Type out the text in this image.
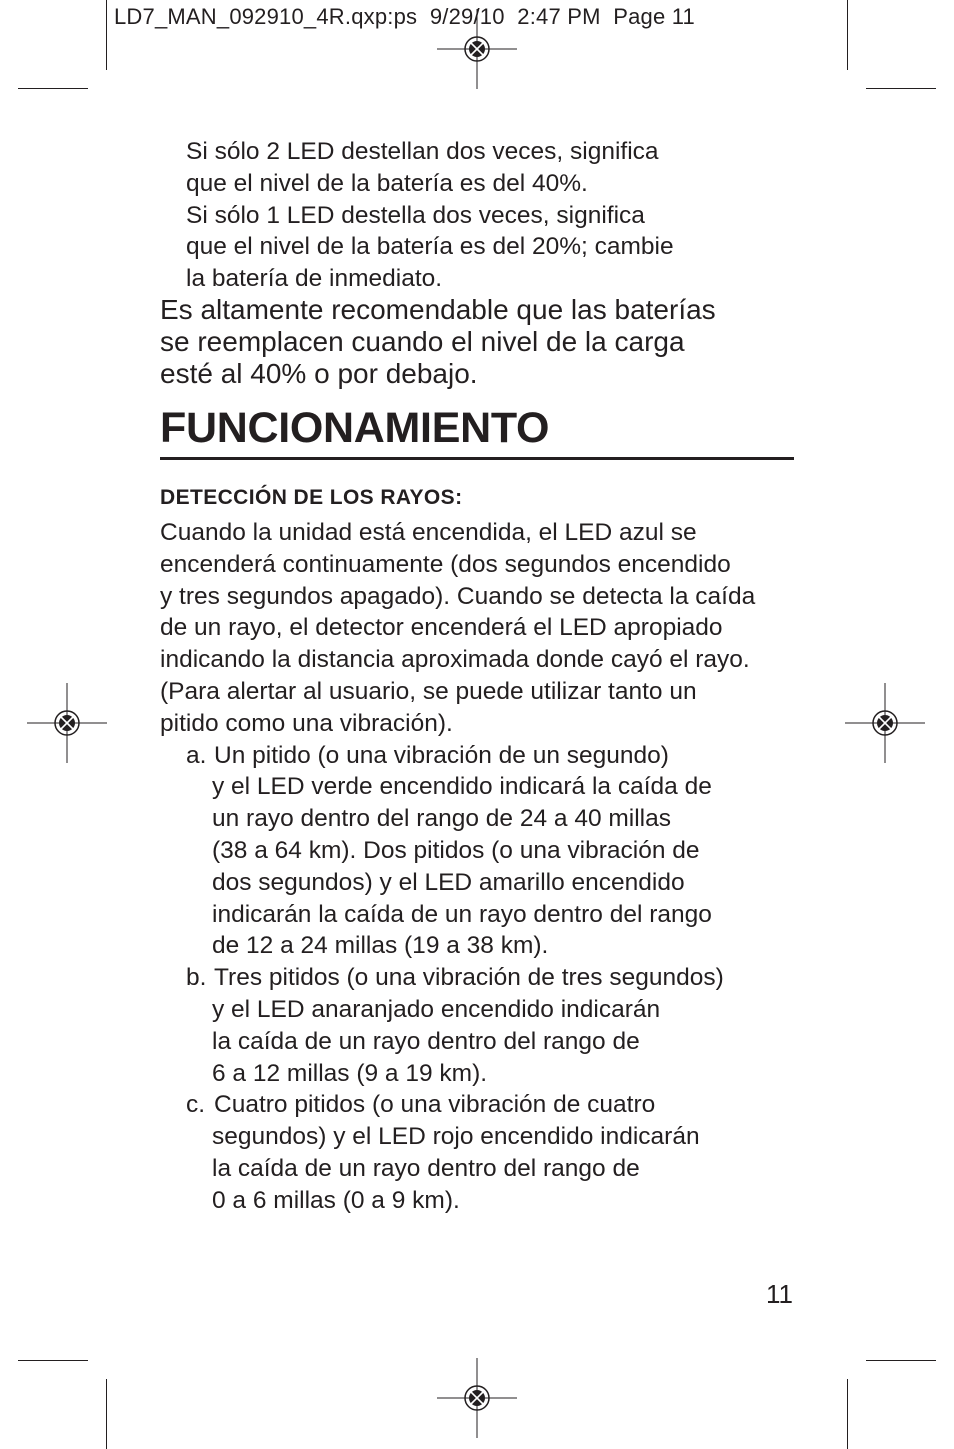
LD7_MAN_092910_4R.qxp:ps  9/29/10  2:47 PM  Page 11
Si sólo 2 LED destellan dos veces, significa
que el nivel de la batería es del 40%.
Si sólo 1 LED destella dos veces, significa
que el nivel de la batería es del 20%; cambie
la batería de inmediato.
Es altamente recomendable que las baterías
se reemplacen cuando el nivel de la carga
esté al 40% o por debajo.
FUNCIONAMIENTO
DETECCIÓN DE LOS RAYOS:
Cuando la unidad está encendida, el LED azul se
encenderá continuamente (dos segundos encendido
y tres segundos apagado). Cuando se detecta la caída
de un rayo, el detector encenderá el LED apropiado
indicando la distancia aproximada donde cayó el rayo.
(Para alertar al usuario, se puede utilizar tanto un
pitido como una vibración).
a. Un pitido (o una vibración de un segundo)
y el LED verde encendido indicará la caída de
un rayo dentro del rango de 24 a 40 millas
(38 a 64 km). Dos pitidos (o una vibración de
dos segundos) y el LED amarillo encendido
indicarán la caída de un rayo dentro del rango
de 12 a 24 millas (19 a 38 km).
b. Tres pitidos (o una vibración de tres segundos)
y el LED anaranjado encendido indicarán
la caída de un rayo dentro del rango de
6 a 12 millas (9 a 19 km).
c. Cuatro pitidos (o una vibración de cuatro
segundos) y el LED rojo encendido indicarán
la caída de un rayo dentro del rango de
0 a 6 millas (0 a 9 km).
11
